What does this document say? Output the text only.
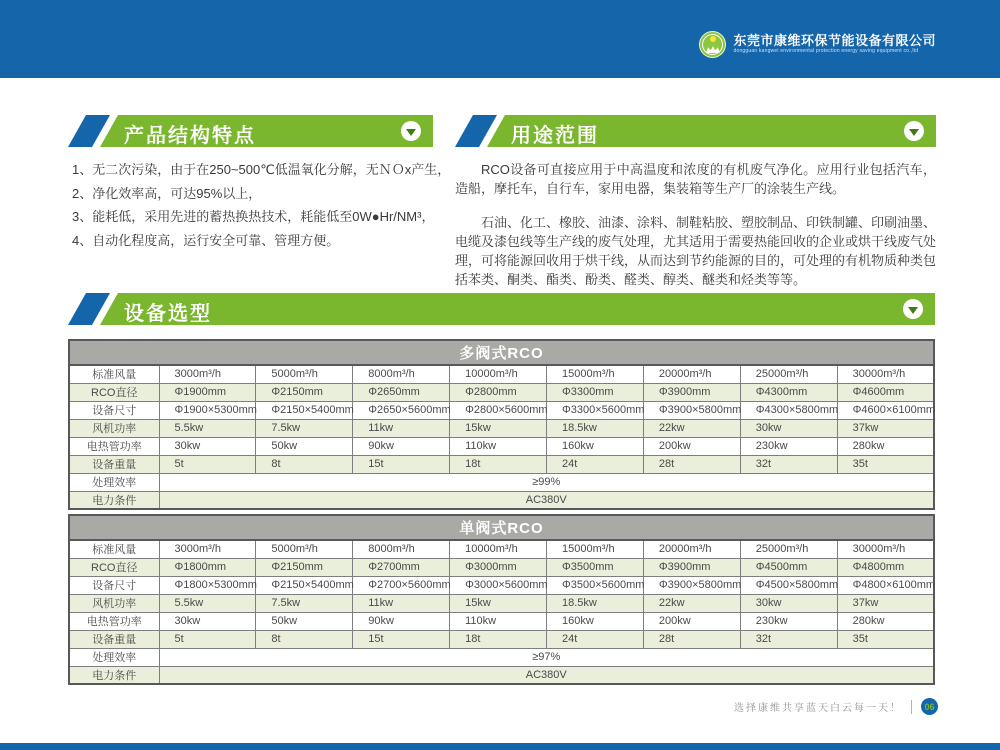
东莞市康维环保节能设备有限公司
dongguan kangwei environmental protection energy saving equipment co.,ltd
产品结构特点	用途范围
1、无二次污染，由于在250~500℃低温氧化分解，无ＮＯx产生，
2、净化效率高，可达95%以上，
3、能耗低，采用先进的蓄热换热技术，耗能低至0W●Hr/NM³，
4、自动化程度高，运行安全可靠、管理方便。

RCO设备可直接应用于中高温度和浓度的有机废气净化。应用行业包括汽车，造船，摩托车，自行车，家用电器，集装箱等生产厂的涂装生产线。

石油、化工、橡胶、油漆、涂料、制鞋粘胶、塑胶制品、印铁制罐、印刷油墨、电缆及漆包线等生产线的废气处理，尤其适用于需要热能回收的企业或烘干线废气处理，可将能源回收用于烘干线，从而达到节约能源的目的，可处理的有机物质种类包括苯类、酮类、酯类、酚类、醛类、醇类、醚类和烃类等等。

设备选型
多阀式RCO								
标准风量	3000m³/h	5000m³/h	8000m³/h	10000m³/h	15000m³/h	20000m³/h	25000m³/h	30000m³/h
RCO直径	Φ1900mm	Φ2150mm	Φ2650mm	Φ2800mm	Φ3300mm	Φ3900mm	Φ4300mm	Φ4600mm
设备尺寸	Φ1900×5300mm	Φ2150×5400mm	Φ2650×5600mm	Φ2800×5600mm	Φ3300×5600mm	Φ3900×5800mm	Φ4300×5800mm	Φ4600×6100mm
风机功率	5.5kw	7.5kw	11kw	15kw	18.5kw	22kw	30kw	37kw
电热管功率	30kw	50kw	90kw	110kw	160kw	200kw	230kw	280kw
设备重量	5t	8t	15t	18t	24t	28t	32t	35t
处理效率	≥99%							
电力条件	AC380V							
单阀式RCO								
标准风量	3000m³/h	5000m³/h	8000m³/h	10000m³/h	15000m³/h	20000m³/h	25000m³/h	30000m³/h
RCO直径	Φ1800mm	Φ2150mm	Φ2700mm	Φ3000mm	Φ3500mm	Φ3900mm	Φ4500mm	Φ4800mm
设备尺寸	Φ1800×5300mm	Φ2150×5400mm	Φ2700×5600mm	Φ3000×5600mm	Φ3500×5600mm	Φ3900×5800mm	Φ4500×5800mm	Φ4800×6100mm
风机功率	5.5kw	7.5kw	11kw	15kw	18.5kw	22kw	30kw	37kw
电热管功率	30kw	50kw	90kw	110kw	160kw	200kw	230kw	280kw
设备重量	5t	8t	15t	18t	24t	28t	32t	35t
处理效率	≥97%							
电力条件	AC380V							
选择康维共享蓝天白云每一天！	06
